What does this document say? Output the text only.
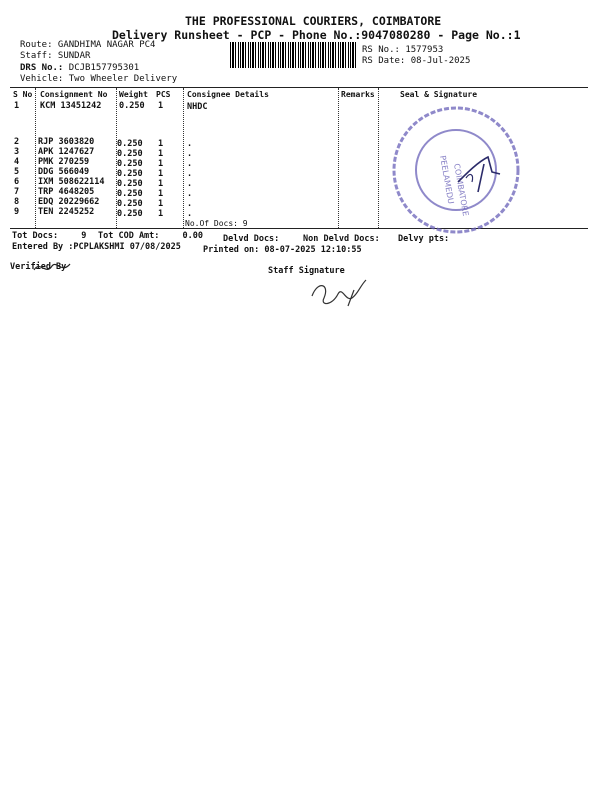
THE PROFESSIONAL COURIERS, COIMBATORE
Delivery Runsheet - PCP - Phone No.:9047080280 - Page No.:1
Route: GANDHIMA NAGAR PC4
Staff: SUNDAR
DRS No.: DCJB157795301
Vehicle: Two Wheeler Delivery
RS No.: 1577953
RS Date: 08-Jul-2025
S No Consignment No Weight PCS Consignee Details	Remarks	Seal & Signature
1 KCM 13451242 0.250 1	NHDC
2 RJP 3603820	0.250 1	.
3 APK 1247627	0.250 1	.
4 PMK 270259	0.250 1	.
5 DDG 566049	0.250 1	.
6 IXM 508622114 0.250 1	.
7 TRP 4648205	0.250 1	.
8 EDQ 20229662 0.250 1	.
9 TEN 2245252	0.250 1	.
No.Of Docs: 9
PEELAMEDU
COIMBATORE
Tot Docs:	9 Tot COD Amt:	0.00 Delvd Docs:	Non Delvd Docs: Delvy pts:
Entered By :PCPLAKSHMI 07/08/2025	Printed on: 08-07-2025 12:10:55
Verified By	Staff Signature
